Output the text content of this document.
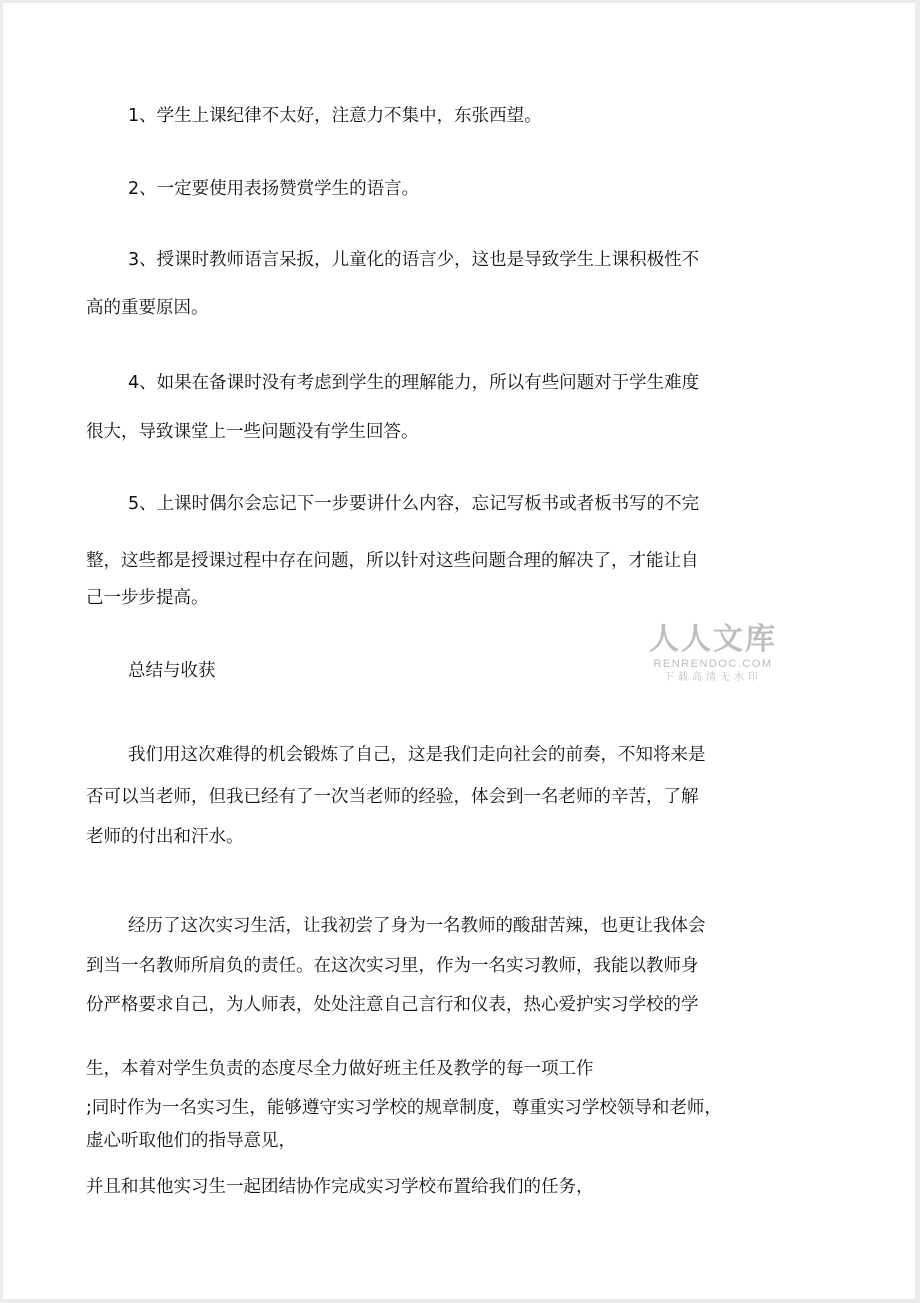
1、学生上课纪律不太好，注意力不集中，东张西望。
2、一定要使用表扬赞赏学生的语言。
3、授课时教师语言呆扳，儿童化的语言少，这也是导致学生上课积极性不
高的重要原因。
4、如果在备课时没有考虑到学生的理解能力，所以有些问题对于学生难度
很大，导致课堂上一些问题没有学生回答。
5、上课时偶尔会忘记下一步要讲什么内容，忘记写板书或者板书写的不完
整，这些都是授课过程中存在问题，所以针对这些问题合理的解决了，才能让自
己一步步提高。
总结与收获
我们用这次难得的机会锻炼了自己，这是我们走向社会的前奏，不知将来是
否可以当老师，但我已经有了一次当老师的经验，体会到一名老师的辛苦，了解
老师的付出和汗水。
经历了这次实习生活，让我初尝了身为一名教师的酸甜苦辣，也更让我体会
到当一名教师所肩负的责任。在这次实习里，作为一名实习教师，我能以教师身
份严格要求自己，为人师表，处处注意自己言行和仪表，热心爱护实习学校的学
生，本着对学生负责的态度尽全力做好班主任及教学的每一项工作
;同时作为一名实习生，能够遵守实习学校的规章制度，尊重实习学校领导和老师，
虚心听取他们的指导意见，
并且和其他实习生一起团结协作完成实习学校布置给我们的任务，
人人文库
RENRENDOC.COM
下载高清无水印
